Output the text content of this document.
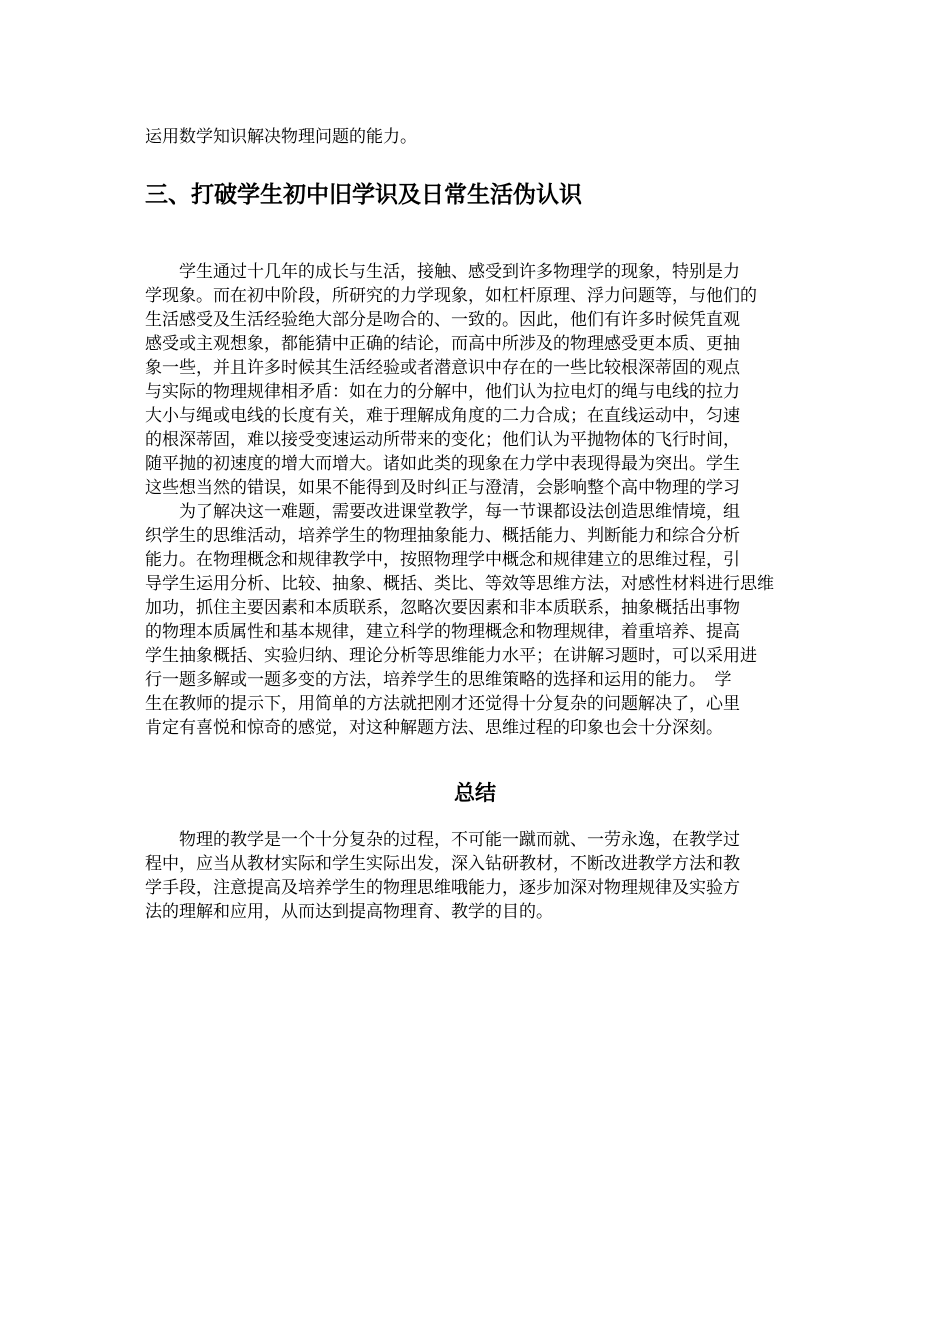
运用数学知识解决物理问题的能力。

三、打破学生初中旧学识及日常生活伪认识

　　学生通过十几年的成长与生活，接触、感受到许多物理学的现象，特别是力

学现象。而在初中阶段，所研究的力学现象，如杠杆原理、浮力问题等，与他们的

生活感受及生活经验绝大部分是吻合的、一致的。因此，他们有许多时候凭直观

感受或主观想象，都能猜中正确的结论，而高中所涉及的物理感受更本质、更抽

象一些，并且许多时候其生活经验或者潜意识中存在的一些比较根深蒂固的观点

与实际的物理规律相矛盾：如在力的分解中，他们认为拉电灯的绳与电线的拉力

大小与绳或电线的长度有关，难于理解成角度的二力合成；在直线运动中，匀速

的根深蒂固，难以接受变速运动所带来的变化；他们认为平抛物体的飞行时间，

随平抛的初速度的增大而增大。诸如此类的现象在力学中表现得最为突出。学生

这些想当然的错误，如果不能得到及时纠正与澄清，会影响整个高中物理的学习

　　为了解决这一难题，需要改进课堂教学，每一节课都设法创造思维情境，组

织学生的思维活动，培养学生的物理抽象能力、概括能力、判断能力和综合分析

能力。在物理概念和规律教学中，按照物理学中概念和规律建立的思维过程，引

导学生运用分析、比较、抽象、概括、类比、等效等思维方法，对感性材料进行思维

加功，抓住主要因素和本质联系，忽略次要因素和非本质联系，抽象概括出事物

的物理本质属性和基本规律，建立科学的物理概念和物理规律，着重培养、提高

学生抽象概括、实验归纳、理论分析等思维能力水平；在讲解习题时，可以采用进

行一题多解或一题多变的方法，培养学生的思维策略的选择和运用的能力。　学

生在教师的提示下，用简单的方法就把刚才还觉得十分复杂的问题解决了，心里

肯定有喜悦和惊奇的感觉，对这种解题方法、思维过程的印象也会十分深刻。

总结

　　物理的教学是一个十分复杂的过程，不可能一蹴而就、一劳永逸，在教学过

程中，应当从教材实际和学生实际出发，深入钻研教材，不断改进教学方法和教

学手段，注意提高及培养学生的物理思维哦能力，逐步加深对物理规律及实验方

法的理解和应用，从而达到提高物理育、教学的目的。
